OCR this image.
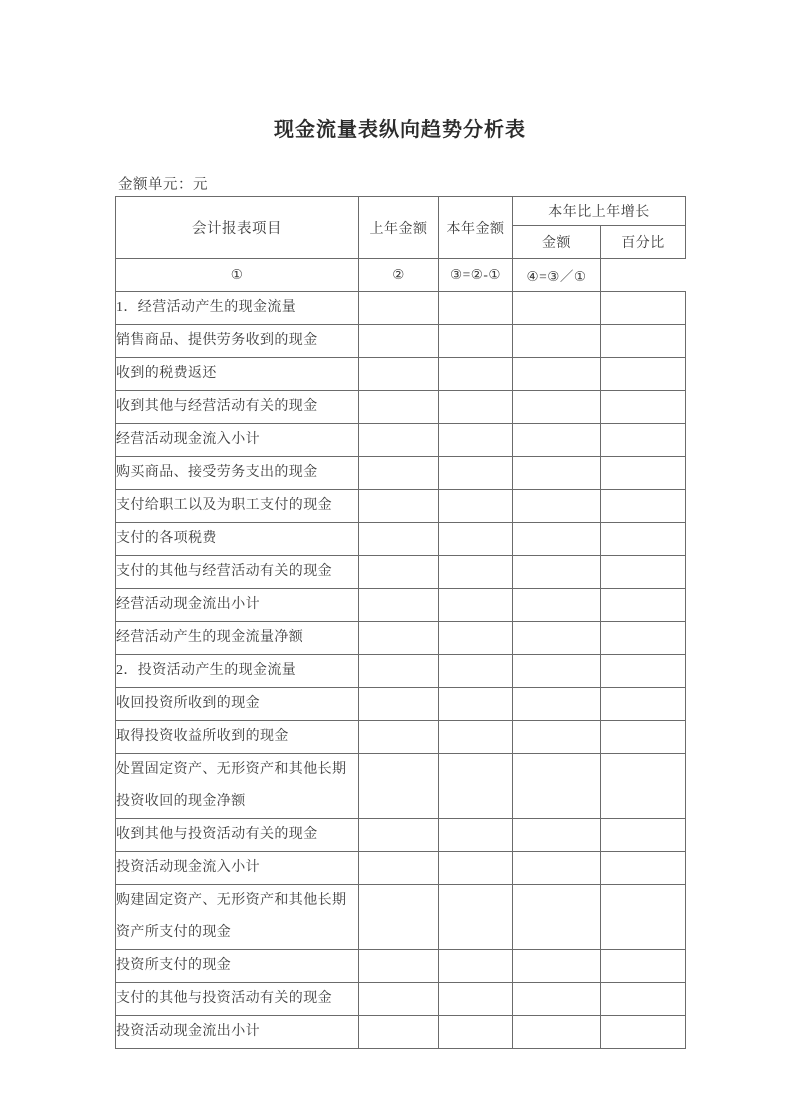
现金流量表纵向趋势分析表
金额单元：元
会计报表项目	上年金额	本年金额	本年比上年增长	
			金额	百分比
①	②	③=②-①	④=③／①	
1．经营活动产生的现金流量				
销售商品、提供劳务收到的现金				
收到的税费返还				
收到其他与经营活动有关的现金				
经营活动现金流入小计				
购买商品、接受劳务支出的现金				
支付给职工以及为职工支付的现金				
支付的各项税费				
支付的其他与经营活动有关的现金				
经营活动现金流出小计				
经营活动产生的现金流量净额				
2．投资活动产生的现金流量				
收回投资所收到的现金				
取得投资收益所收到的现金				
处置固定资产、无形资产和其他长期投资收回的现金净额				
收到其他与投资活动有关的现金				
投资活动现金流入小计				
购建固定资产、无形资产和其他长期资产所支付的现金				
投资所支付的现金				
支付的其他与投资活动有关的现金				
投资活动现金流出小计				
